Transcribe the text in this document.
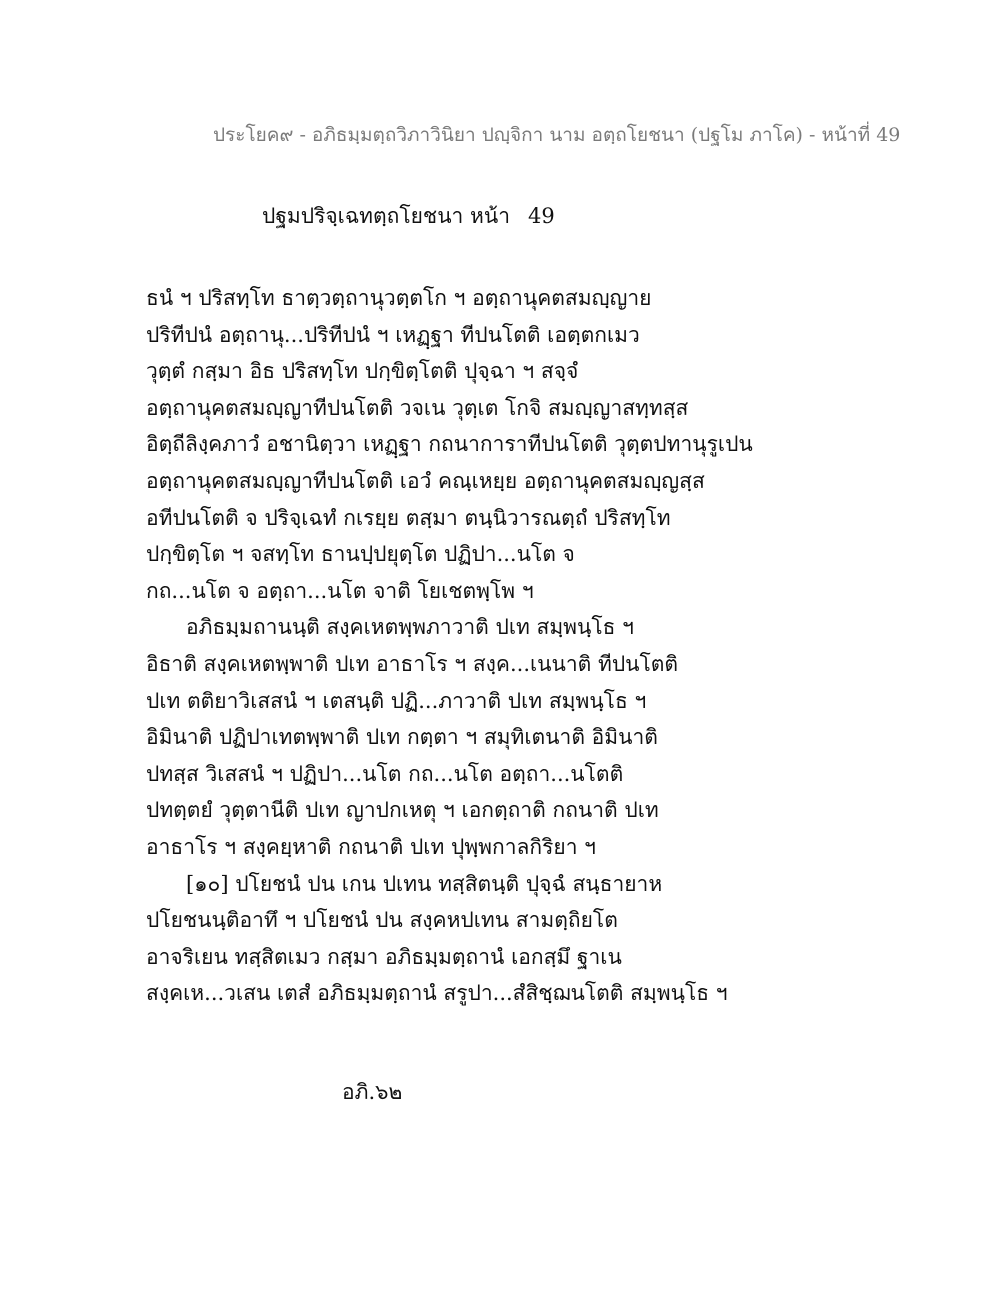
ประโยค๙ - อภิธมฺมตฺถวิภาวินิยา ปญฺจิกา นาม อตฺถโยชนา (ปฐโม ภาโค) - หน้าที่ 49
ปฐมปริจฺเฉทตฺถโยชนา หน้า 49
ธนํ ฯ ปริสทฺโท ธาตฺวตฺถานุวตฺตโก ฯ อตฺถานุคตสมญฺญาย
ปริทีปนํ อตฺถานุ...ปริทีปนํ ฯ เหฏฺฐา ทีปนโตติ เอตฺตกเมว
วุตฺตํ กสฺมา อิธ ปริสทฺโท ปกฺขิตฺโตติ ปุจฺฉา ฯ สจฺจํ
อตฺถานุคตสมญฺญาทีปนโตติ วจเน วุตฺเต โกจิ สมญฺญาสทฺทสฺส
อิตฺถีลิงฺคภาวํ อชานิตฺวา เหฏฺฐา กถนาการาทีปนโตติ วุตฺตปทานุรูเปน
อตฺถานุคตสมญฺญาทีปนโตติ เอวํ คณฺเหยฺย อตฺถานุคตสมญฺญสฺส
อทีปนโตติ จ ปริจฺเฉทํ กเรยฺย ตสฺมา ตนฺนิวารณตฺถํ ปริสทฺโท
ปกฺขิตฺโต ฯ จสทฺโท ธานปฺปยุตฺโต ปฏิปา...นโต จ
กถ...นโต จ อตฺถา...นโต จาติ โยเชตพฺโพ ฯ
อภิธมฺมถานนฺติ สงฺคเหตพฺพภาวาติ ปเท สมฺพนฺโธ ฯ
อิธาติ สงฺคเหตพฺพาติ ปเท อาธาโร ฯ สงฺค...เนนาติ ทีปนโตติ
ปเท ตติยาวิเสสนํ ฯ เตสนฺติ ปฏิ...ภาวาติ ปเท สมฺพนฺโธ ฯ
อิมินาติ ปฏิปาเทตพฺพาติ ปเท กตฺตา ฯ สมุทิเตนาติ อิมินาติ
ปทสฺส วิเสสนํ ฯ ปฏิปา...นโต กถ...นโต อตฺถา...นโตติ
ปทตฺตยํ วุตฺตานีติ ปเท ญาปกเหตุ ฯ เอกตฺถาติ กถนาติ ปเท
อาธาโร ฯ สงฺคยฺหาติ กถนาติ ปเท ปุพฺพกาลกิริยา ฯ
[๑๐] ปโยชนํ ปน เกน ปเทน ทสฺสิตนฺติ ปุจฺฉํ สนฺธายาห
ปโยชนนฺติอาทึ ฯ ปโยชนํ ปน สงฺคหปเทน สามตฺถิยโต
อาจริเยน ทสฺสิตเมว กสฺมา อภิธมฺมตฺถานํ เอกสฺมึ ฐาเน
สงฺคเห...วเสน เตสํ อภิธมฺมตฺถานํ สรูปา...สํสิชฺฌนโตติ สมฺพนฺโธ ฯ
อภิ.๖๒
